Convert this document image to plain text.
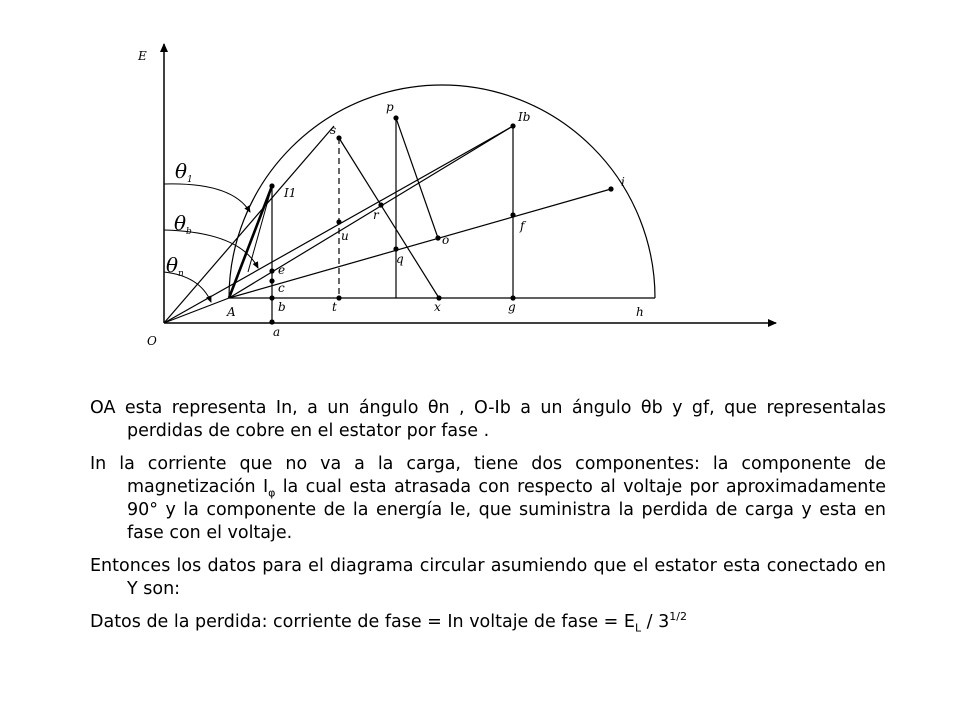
E
O
A
a
b
c
e
I1
s
p
Ib
i
u
r
q
o
f
t	x	g	h
$\theta_1$
$\theta_b$
$\theta_n$

OA esta representa In, a un ángulo θn , O-Ib a un ángulo θb y gf, que representalas perdidas de cobre en el estator por fase .

In la corriente que no va a la carga, tiene dos componentes: la componente de magnetización $I_\varphi$ la cual esta atrasada con respecto al voltaje por aproximadamente 90° y la componente de la energía Ie, que suministra la perdida de carga y esta en fase con el voltaje.

Entonces los datos para el diagrama circular asumiendo que el estator esta conectado en Y son:

Datos de la perdida: corriente de fase = In voltaje de fase = $E_L / 3^{1/2}$
